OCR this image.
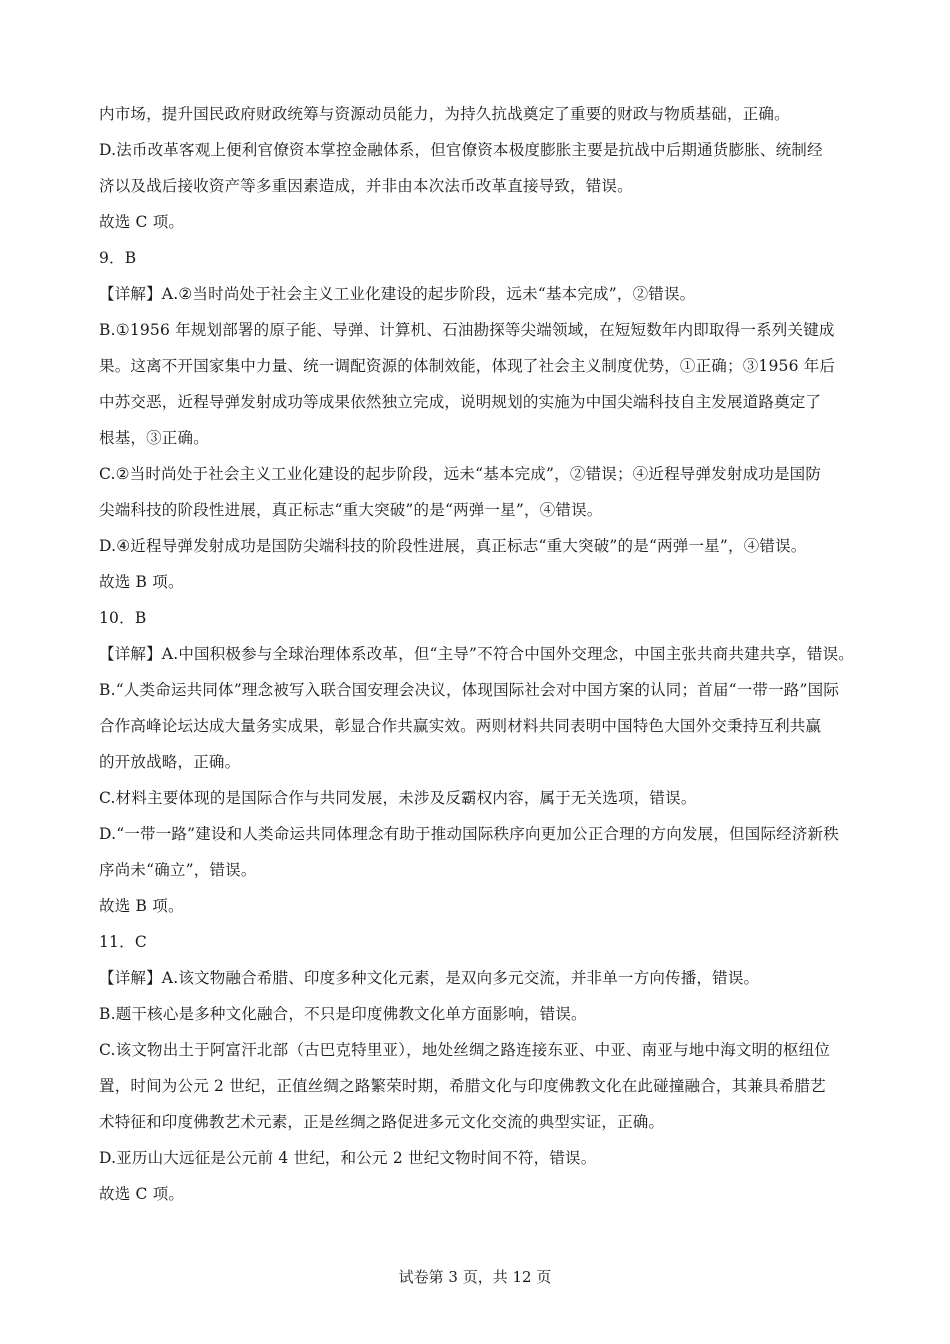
内市场，提升国民政府财政统筹与资源动员能力，为持久抗战奠定了重要的财政与物质基础，正确。
D.法币改革客观上便利官僚资本掌控金融体系，但官僚资本极度膨胀主要是抗战中后期通货膨胀、统制经
济以及战后接收资产等多重因素造成，并非由本次法币改革直接导致，错误。
故选 C 项。
9．B
【详解】A.②当时尚处于社会主义工业化建设的起步阶段，远未“基本完成”，②错误。
B.①1956 年规划部署的原子能、导弹、计算机、石油勘探等尖端领域，在短短数年内即取得一系列关键成
果。这离不开国家集中力量、统一调配资源的体制效能，体现了社会主义制度优势，①正确；③1956 年后
中苏交恶，近程导弹发射成功等成果依然独立完成，说明规划的实施为中国尖端科技自主发展道路奠定了
根基，③正确。
C.②当时尚处于社会主义工业化建设的起步阶段，远未“基本完成”，②错误；④近程导弹发射成功是国防
尖端科技的阶段性进展，真正标志“重大突破”的是“两弹一星”，④错误。
D.④近程导弹发射成功是国防尖端科技的阶段性进展，真正标志“重大突破”的是“两弹一星”，④错误。
故选 B 项。
10．B
【详解】A.中国积极参与全球治理体系改革，但“主导”不符合中国外交理念，中国主张共商共建共享，错误。
B.“人类命运共同体”理念被写入联合国安理会决议，体现国际社会对中国方案的认同；首届“一带一路”国际
合作高峰论坛达成大量务实成果，彰显合作共赢实效。两则材料共同表明中国特色大国外交秉持互利共赢
的开放战略，正确。
C.材料主要体现的是国际合作与共同发展，未涉及反霸权内容，属于无关选项，错误。
D.“一带一路”建设和人类命运共同体理念有助于推动国际秩序向更加公正合理的方向发展，但国际经济新秩
序尚未“确立”，错误。
故选 B 项。
11．C
【详解】A.该文物融合希腊、印度多种文化元素，是双向多元交流，并非单一方向传播，错误。
B.题干核心是多种文化融合，不只是印度佛教文化单方面影响，错误。
C.该文物出土于阿富汗北部（古巴克特里亚），地处丝绸之路连接东亚、中亚、南亚与地中海文明的枢纽位
置，时间为公元 2 世纪，正值丝绸之路繁荣时期，希腊文化与印度佛教文化在此碰撞融合，其兼具希腊艺
术特征和印度佛教艺术元素，正是丝绸之路促进多元文化交流的典型实证，正确。
D.亚历山大远征是公元前 4 世纪，和公元 2 世纪文物时间不符，错误。
故选 C 项。
试卷第 3 页，共 12 页
